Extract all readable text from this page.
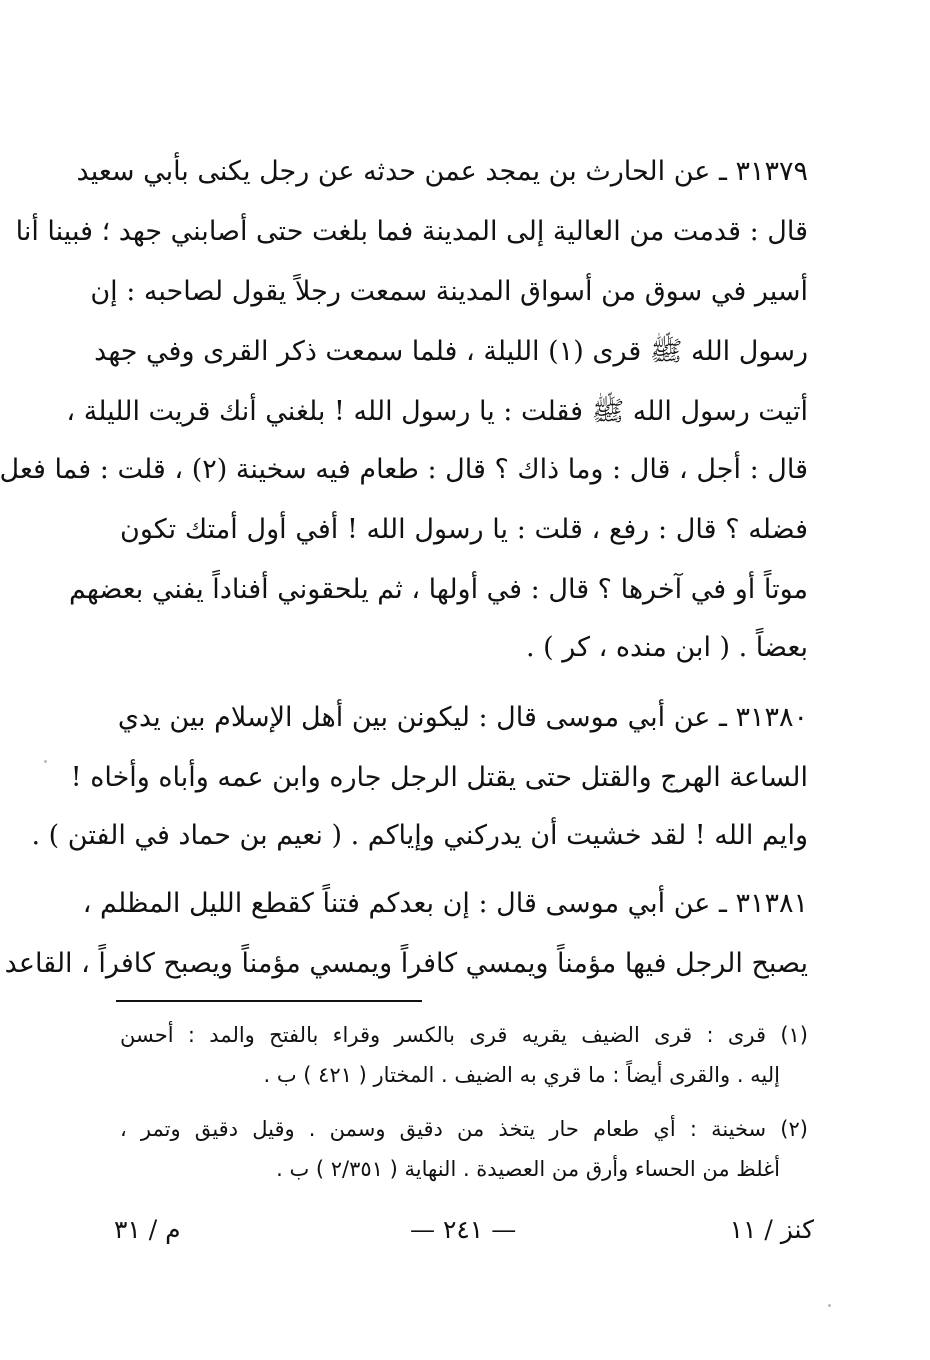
٣١٣٧٩ ـ عن الحارث بن يمجد عمن حدثه عن رجل يكنى بأبي سعيد
قال : قدمت من العالية إلى المدينة فما بلغت حتى أصابني جهد ؛ فبينا أنا
أسير في سوق من أسواق المدينة سمعت رجلاً يقول لصاحبه : إن
رسول الله ﷺ قرى (١) الليلة ، فلما سمعت ذكر القرى وفي جهد
أتيت رسول الله ﷺ فقلت : يا رسول الله ! بلغني أنك قريت الليلة ،
قال : أجل ، قال : وما ذاك ؟ قال : طعام فيه سخينة (٢) ، قلت : فما فعل
فضله ؟ قال : رفع ، قلت : يا رسول الله ! أفي أول أمتك تكون
موتاً أو في آخرها ؟ قال : في أولها ، ثم يلحقوني أفناداً يفني بعضهم
بعضاً . ( ابن منده ، كر ) .
٣١٣٨٠ ـ عن أبي موسى قال : ليكونن بين أهل الإسلام بين يدي
الساعة الهرج والقتل حتى يقتل الرجل جاره وابن عمه وأباه وأخاه !
وايم الله ! لقد خشيت أن يدركني وإياكم . ( نعيم بن حماد في الفتن ) .
٣١٣٨١ ـ عن أبي موسى قال : إن بعدكم فتناً كقطع الليل المظلم ،
يصبح الرجل فيها مؤمناً ويمسي كافراً ويمسي مؤمناً ويصبح كافراً ، القاعد
(١) قرى : قرى الضيف يقريه قرى بالكسر وقراء بالفتح والمد : أحسن
إليه . والقرى أيضاً : ما قري به الضيف . المختار ( ٤٢١ ) ب .
(٢) سخينة : أي طعام حار يتخذ من دقيق وسمن . وقيل دقيق وتمر ،
أغلظ من الحساء وأرق من العصيدة . النهاية ( ٢/٣٥١ ) ب .
كنز / ١١
— ٢٤١ —
م / ٣١
